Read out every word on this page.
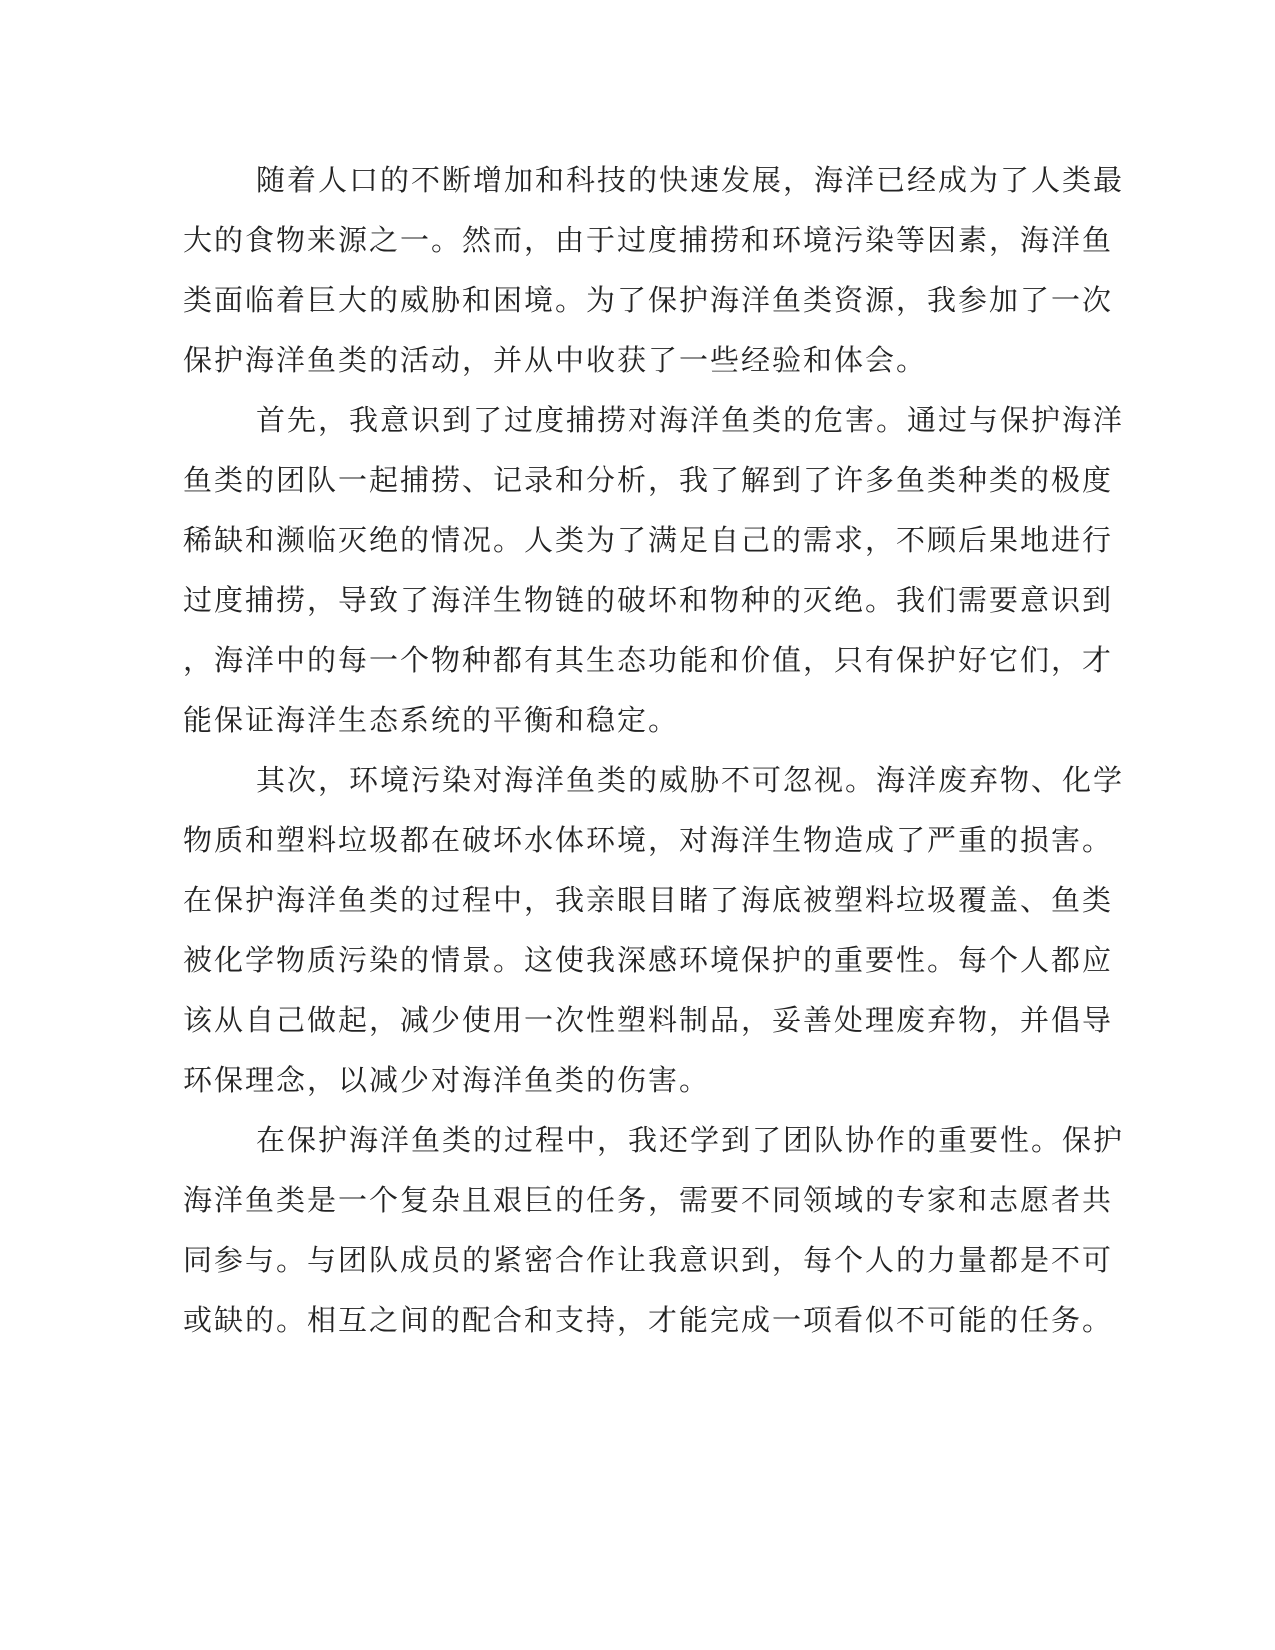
随着人口的不断增加和科技的快速发展，海洋已经成为了人类最
大的食物来源之一。然而，由于过度捕捞和环境污染等因素，海洋鱼
类面临着巨大的威胁和困境。为了保护海洋鱼类资源，我参加了一次
保护海洋鱼类的活动，并从中收获了一些经验和体会。
首先，我意识到了过度捕捞对海洋鱼类的危害。通过与保护海洋
鱼类的团队一起捕捞、记录和分析，我了解到了许多鱼类种类的极度
稀缺和濒临灭绝的情况。人类为了满足自己的需求，不顾后果地进行
过度捕捞，导致了海洋生物链的破坏和物种的灭绝。我们需要意识到
，海洋中的每一个物种都有其生态功能和价值，只有保护好它们，才
能保证海洋生态系统的平衡和稳定。
其次，环境污染对海洋鱼类的威胁不可忽视。海洋废弃物、化学
物质和塑料垃圾都在破坏水体环境，对海洋生物造成了严重的损害。
在保护海洋鱼类的过程中，我亲眼目睹了海底被塑料垃圾覆盖、鱼类
被化学物质污染的情景。这使我深感环境保护的重要性。每个人都应
该从自己做起，减少使用一次性塑料制品，妥善处理废弃物，并倡导
环保理念，以减少对海洋鱼类的伤害。
在保护海洋鱼类的过程中，我还学到了团队协作的重要性。保护
海洋鱼类是一个复杂且艰巨的任务，需要不同领域的专家和志愿者共
同参与。与团队成员的紧密合作让我意识到，每个人的力量都是不可
或缺的。相互之间的配合和支持，才能完成一项看似不可能的任务。
